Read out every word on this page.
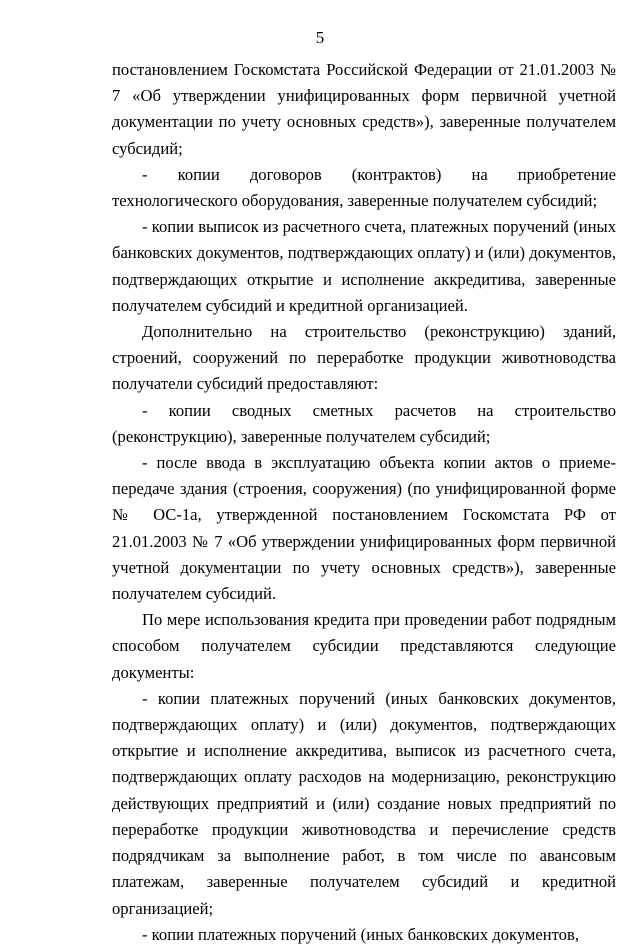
5

постановлением Госкомстата Российской Федерации от 21.01.2003 № 7 «Об утверждении унифицированных форм первичной учетной документации по учету основных средств»), заверенные получателем субсидий;

- копии договоров (контрактов) на приобретение технологического оборудования, заверенные получателем субсидий;

- копии выписок из расчетного счета, платежных поручений (иных банковских документов, подтверждающих оплату) и (или) документов, подтверждающих открытие и исполнение аккредитива, заверенные получателем субсидий и кредитной организацией.

Дополнительно на строительство (реконструкцию) зданий, строений, сооружений по переработке продукции животноводства получатели субсидий предоставляют:

- копии сводных сметных расчетов на строительство (реконструкцию), заверенные получателем субсидий;

- после ввода в эксплуатацию объекта копии актов о приеме-передаче здания (строения, сооружения) (по унифицированной форме № ОС-1а, утвержденной постановлением Госкомстата РФ от 21.01.2003 № 7 «Об утверждении унифицированных форм первичной учетной документации по учету основных средств»), заверенные получателем субсидий.

По мере использования кредита при проведении работ подрядным способом получателем субсидии представляются следующие документы:

- копии платежных поручений (иных банковских документов, подтверждающих оплату) и (или) документов, подтверждающих открытие и исполнение аккредитива, выписок из расчетного счета, подтверждающих оплату расходов на модернизацию, реконструкцию действующих предприятий и (или) создание новых предприятий по переработке продукции животноводства и перечисление средств подрядчикам за выполнение работ, в том числе по авансовым платежам, заверенные получателем субсидий и кредитной организацией;

- копии платежных поручений (иных банковских документов,
